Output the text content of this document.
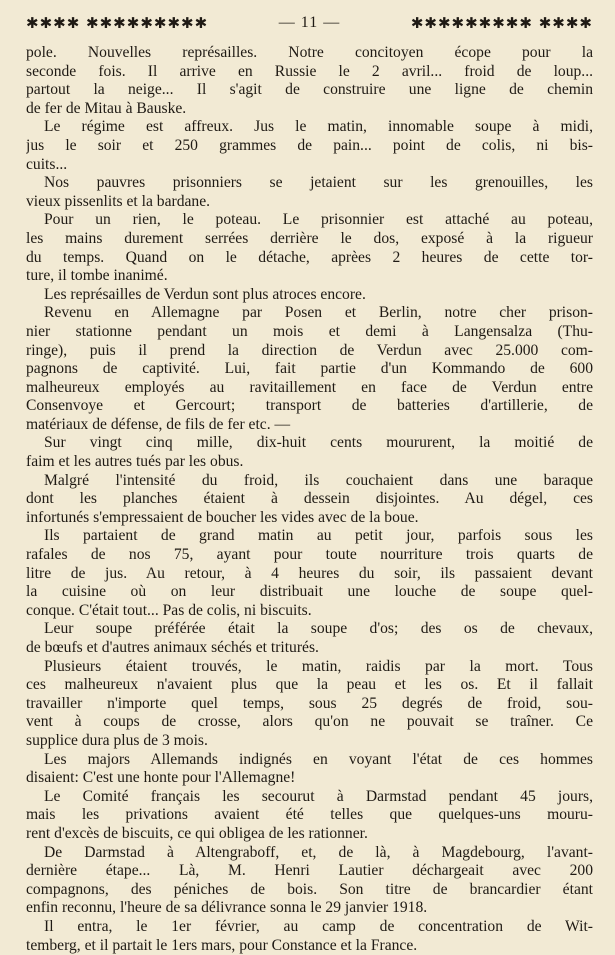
✱✱✱✱ ✱✱✱✱✱✱✱✱✱	— 11 —	✱✱✱✱✱✱✱✱✱ ✱✱✱✱
pole. Nouvelles représailles. Notre concitoyen écope pour la
seconde fois. Il arrive en Russie le 2 avril... froid de loup...
partout la neige... Il s'agit de construire une ligne de chemin
de fer de Mitau à Bauske.
Le régime est affreux. Jus le matin, innomable soupe à midi,
jus le soir et 250 grammes de pain... point de colis, ni bis-
cuits...
Nos pauvres prisonniers se jetaient sur les grenouilles, les
vieux pissenlits et la bardane.
Pour un rien, le poteau. Le prisonnier est attaché au poteau,
les mains durement serrées derrière le dos, exposé à la rigueur
du temps. Quand on le détache, aprèes 2 heures de cette tor-
ture, il tombe inanimé.
Les représailles de Verdun sont plus atroces encore.
Revenu en Allemagne par Posen et Berlin, notre cher prison-
nier stationne pendant un mois et demi à Langensalza (Thu-
ringe), puis il prend la direction de Verdun avec 25.000 com-
pagnons de captivité. Lui, fait partie d'un Kommando de 600
malheureux employés au ravitaillement en face de Verdun entre
Consenvoye et Gercourt; transport de batteries d'artillerie, de
matériaux de défense, de fils de fer etc. —
Sur vingt cinq mille, dix-huit cents moururent, la moitié de
faim et les autres tués par les obus.
Malgré l'intensité du froid, ils couchaient dans une baraque
dont les planches étaient à dessein disjointes. Au dégel, ces
infortunés s'empressaient de boucher les vides avec de la boue.
Ils partaient de grand matin au petit jour, parfois sous les
rafales de nos 75, ayant pour toute nourriture trois quarts de
litre de jus. Au retour, à 4 heures du soir, ils passaient devant
la cuisine où on leur distribuait une louche de soupe quel-
conque. C'était tout... Pas de colis, ni biscuits.
Leur soupe préférée était la soupe d'os; des os de chevaux,
de bœufs et d'autres animaux séchés et triturés.
Plusieurs étaient trouvés, le matin, raidis par la mort. Tous
ces malheureux n'avaient plus que la peau et les os. Et il fallait
travailler n'importe quel temps, sous 25 degrés de froid, sou-
vent à coups de crosse, alors qu'on ne pouvait se traîner. Ce
supplice dura plus de 3 mois.
Les majors Allemands indignés en voyant l'état de ces hommes
disaient: C'est une honte pour l'Allemagne!
Le Comité français les secourut à Darmstad pendant 45 jours,
mais les privations avaient été telles que quelques-uns mouru-
rent d'excès de biscuits, ce qui obligea de les rationner.
De Darmstad à Altengraboff, et, de là, à Magdebourg, l'avant-
dernière étape... Là, M. Henri Lautier déchargeait avec 200
compagnons, des péniches de bois. Son titre de brancardier étant
enfin reconnu, l'heure de sa délivrance sonna le 29 janvier 1918.
Il entra, le 1er février, au camp de concentration de Wit-
temberg, et il partait le 1ers mars, pour Constance et la France.
